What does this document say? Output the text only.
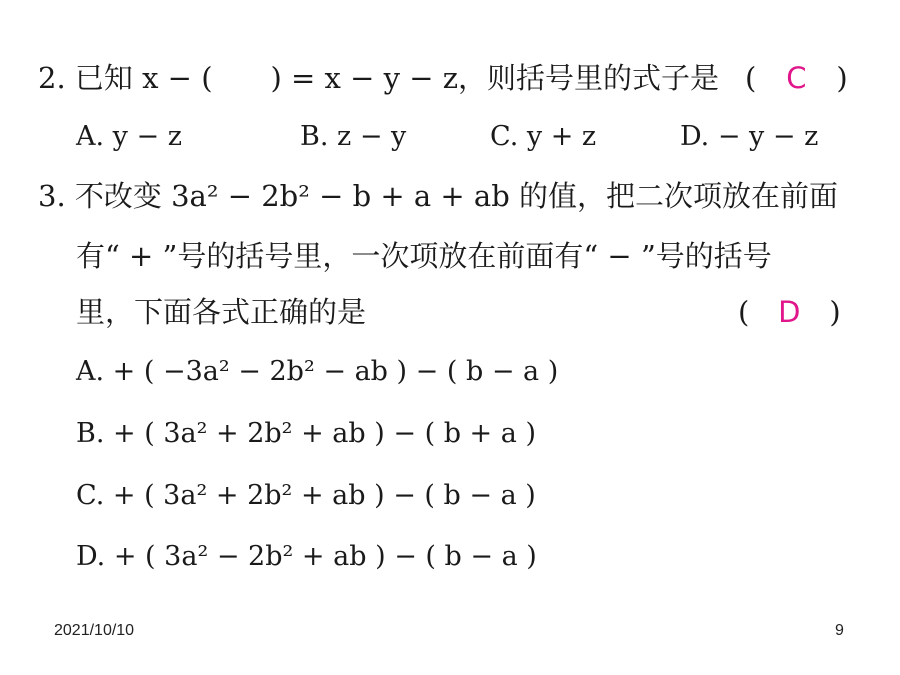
2. 已知 x − (　　) = x − y − z，则括号里的式子是 ( C )
A. y − z	B. z − y	C. y + z	D. − y − z
3. 不改变 3a² − 2b² − b + a + ab 的值，把二次项放在前面
有“ + ”号的括号里，一次项放在前面有“ − ”号的括号
里，下面各式正确的是	( D )
A. + ( −3a² − 2b² − ab ) − ( b − a )
B. + ( 3a² + 2b² + ab ) − ( b + a )
C. + ( 3a² + 2b² + ab ) − ( b − a )
D. + ( 3a² − 2b² + ab ) − ( b − a )
2021/10/10	9
